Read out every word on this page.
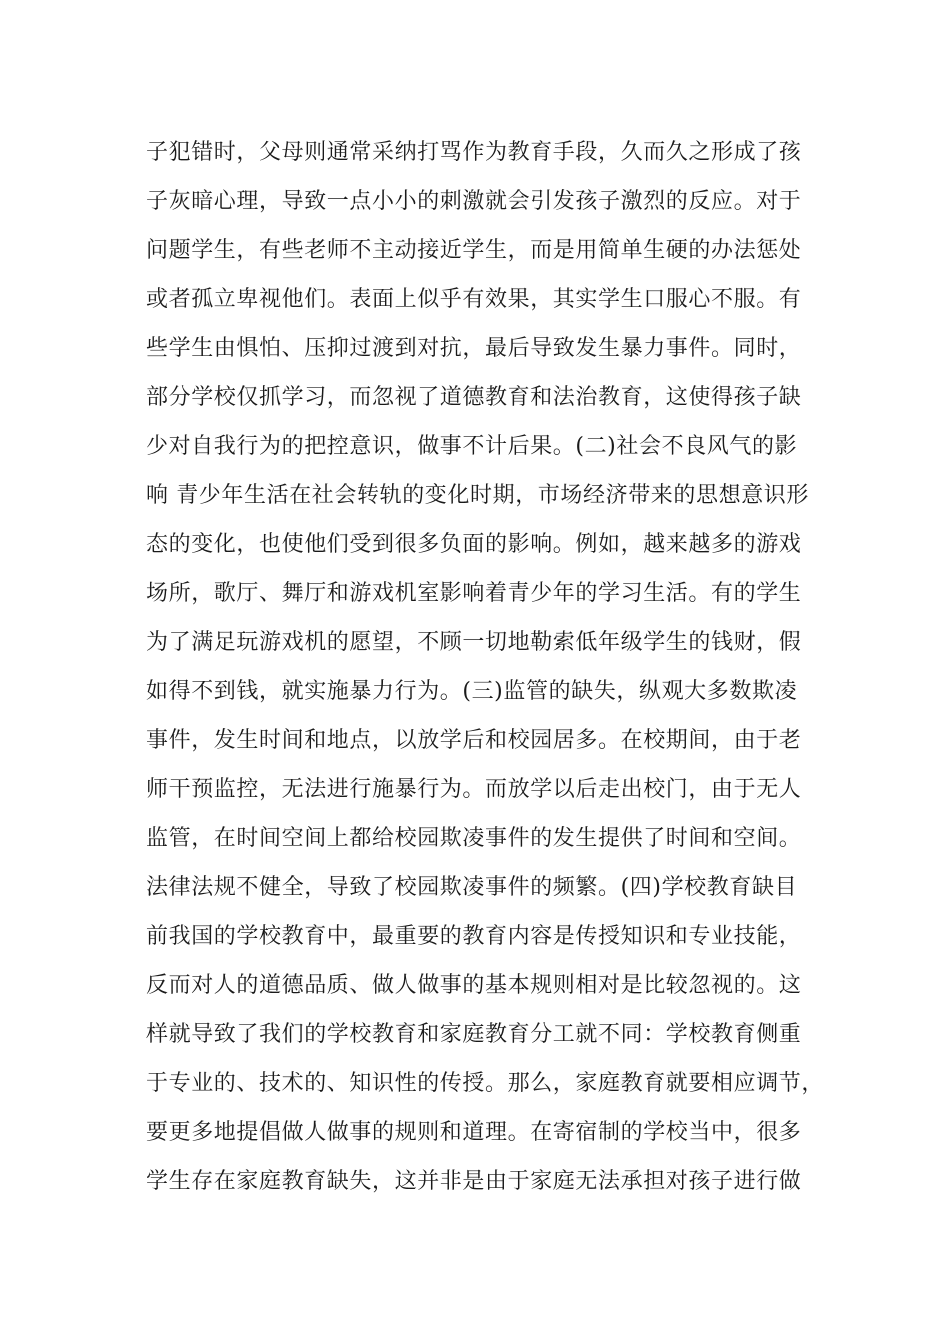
子犯错时，父母则通常采纳打骂作为教育手段，久而久之形成了孩
子灰暗心理，导致一点小小的刺激就会引发孩子激烈的反应。对于
问题学生，有些老师不主动接近学生，而是用简单生硬的办法惩处
或者孤立卑视他们。表面上似乎有效果，其实学生口服心不服。有
些学生由惧怕、压抑过渡到对抗，最后导致发生暴力事件。同时，
部分学校仅抓学习，而忽视了道德教育和法治教育，这使得孩子缺
少对自我行为的把控意识，做事不计后果。(二)社会不良风气的影
响 青少年生活在社会转轨的变化时期，市场经济带来的思想意识形
态的变化，也使他们受到很多负面的影响。例如，越来越多的游戏
场所，歌厅、舞厅和游戏机室影响着青少年的学习生活。有的学生
为了满足玩游戏机的愿望，不顾一切地勒索低年级学生的钱财，假
如得不到钱，就实施暴力行为。(三)监管的缺失，纵观大多数欺凌
事件，发生时间和地点，以放学后和校园居多。在校期间，由于老
师干预监控，无法进行施暴行为。而放学以后走出校门，由于无人
监管，在时间空间上都给校园欺凌事件的发生提供了时间和空间。
法律法规不健全，导致了校园欺凌事件的频繁。(四)学校教育缺目
前我国的学校教育中，最重要的教育内容是传授知识和专业技能，
反而对人的道德品质、做人做事的基本规则相对是比较忽视的。这
样就导致了我们的学校教育和家庭教育分工就不同：学校教育侧重
于专业的、技术的、知识性的传授。那么，家庭教育就要相应调节，
要更多地提倡做人做事的规则和道理。在寄宿制的学校当中，很多
学生存在家庭教育缺失，这并非是由于家庭无法承担对孩子进行做
